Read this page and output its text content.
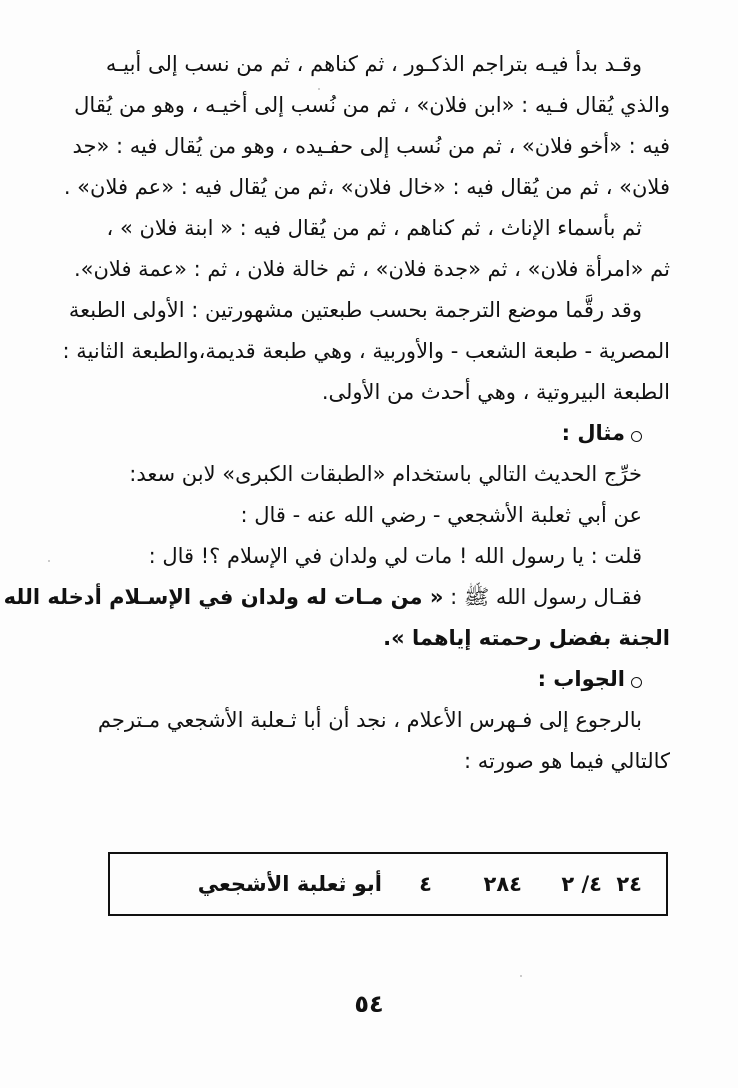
وقـد بدأ فيـه بتراجم الذكـور ، ثم كناهم ، ثم من نسب إلى أبيـه
والذي يُقال فـيه : «ابن فلان» ، ثم من نُسب إلى أخيـه ، وهو من يُقال
فيه : «أخو فلان» ، ثم من نُسب إلى حفـيده ، وهو من يُقال فيه : «جد
فلان» ، ثم من يُقال فيه : «خال فلان» ،ثم من يُقال فيه : «عم فلان» .
ثم بأسماء الإناث ، ثم كناهم ، ثم من يُقال فيه : « ابنة فلان » ،
ثم «امرأة فلان» ، ثم «جدة فلان» ، ثم خالة فلان ، ثم : «عمة فلان».
وقد رقَّما موضع الترجمة بحسب طبعتين مشهورتين : الأولى الطبعة
المصرية - طبعة الشعب - والأوربية ، وهي طبعة قديمة،والطبعة الثانية :
الطبعة البيروتية ، وهي أحدث من الأولى.
مثال :
خرِّج الحديث التالي باستخدام «الطبقات الكبرى» لابن سعد:
عن أبي ثعلبة الأشجعي - رضي الله عنه - قال :
قلت : يا رسول الله ! مات لي ولدان في الإسلام ؟! قال :
فقـال رسول الله ﷺ : « من مـات له ولدان في الإسـلام أدخله الله
الجنة بفضل رحمته إياهما ».
الجواب :
بالرجوع إلى فـهرس الأعلام ، نجد أن أبا ثـعلبة الأشجعي مـترجم
كالتالي فيما هو صورته :
٢٤
٤/ ٢
٢٨٤
٤
أبو ثعلبة الأشجعي
٥٤
